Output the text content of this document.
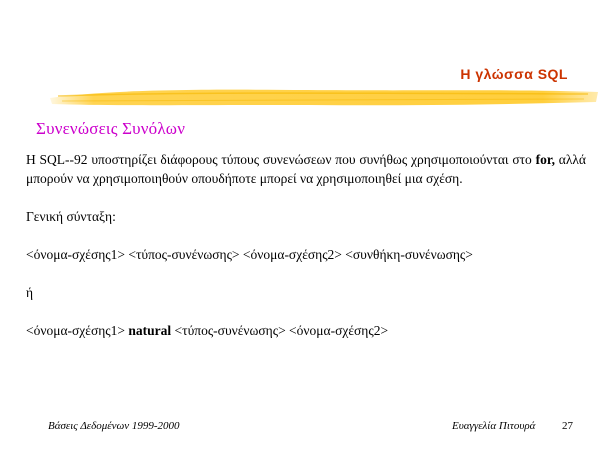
Η γλώσσα SQL
Συνενώσεις Συνόλων

Η SQL--92 υποστηρίζει διάφορους τύπους συνενώσεων που συνήθως χρησιμοποιούνται στο for, αλλά μπορούν να χρησιμοποιηθούν οπουδήποτε μπορεί να χρησιμοποιηθεί μια σχέση.

Γενική σύνταξη:

<όνομα-σχέσης1> <τύπος-συνένωσης> <όνομα-σχέσης2> <συνθήκη-συνένωσης>

ή

<όνομα-σχέσης1> natural <τύπος-συνένωσης> <όνομα-σχέσης2>

Βάσεις Δεδομένων 1999-2000	Ευαγγελία Πιτουρά 27
